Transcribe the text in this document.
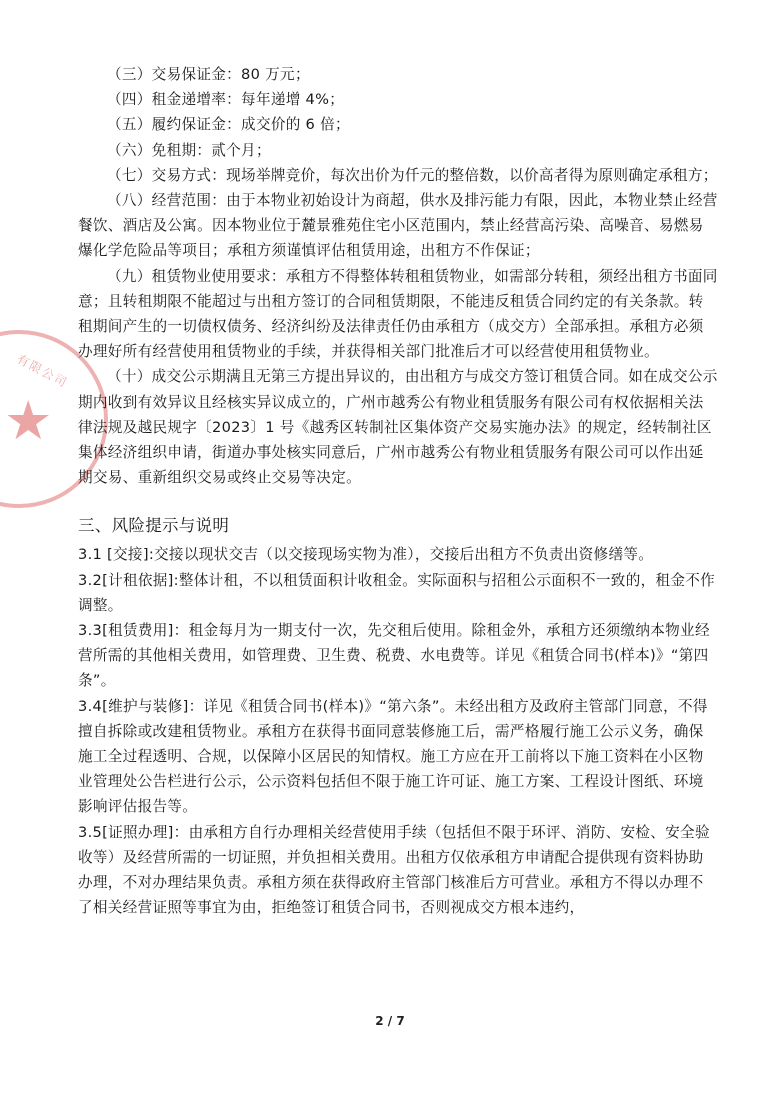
有限公司
★

（三）交易保证金：80 万元；

（四）租金递增率：每年递增 4%；

（五）履约保证金：成交价的 6 倍；

（六）免租期：贰个月；

（七）交易方式：现场举牌竞价，每次出价为仟元的整倍数，以价高者得为原则确定承租方；

（八）经营范围：由于本物业初始设计为商超，供水及排污能力有限，因此，本物业禁止经营餐饮、酒店及公寓。因本物业位于麓景雅苑住宅小区范围内，禁止经营高污染、高噪音、易燃易爆化学危险品等项目；承租方须谨慎评估租赁用途，出租方不作保证；

（九）租赁物业使用要求：承租方不得整体转租租赁物业，如需部分转租，须经出租方书面同意；且转租期限不能超过与出租方签订的合同租赁期限，不能违反租赁合同约定的有关条款。转租期间产生的一切债权债务、经济纠纷及法律责任仍由承租方（成交方）全部承担。承租方必须办理好所有经营使用租赁物业的手续，并获得相关部门批准后才可以经营使用租赁物业。

（十）成交公示期满且无第三方提出异议的，由出租方与成交方签订租赁合同。如在成交公示期内收到有效异议且经核实异议成立的，广州市越秀公有物业租赁服务有限公司有权依据相关法律法规及越民规字〔2023〕1 号《越秀区转制社区集体资产交易实施办法》的规定，经转制社区集体经济组织申请，街道办事处核实同意后，广州市越秀公有物业租赁服务有限公司可以作出延期交易、重新组织交易或终止交易等决定。

三、风险提示与说明

3.1 [交接]:交接以现状交吉（以交接现场实物为准），交接后出租方不负责出资修缮等。

3.2[计租依据]:整体计租，不以租赁面积计收租金。实际面积与招租公示面积不一致的，租金不作调整。

3.3[租赁费用]：租金每月为一期支付一次，先交租后使用。除租金外，承租方还须缴纳本物业经营所需的其他相关费用，如管理费、卫生费、税费、水电费等。详见《租赁合同书(样本)》“第四条”。

3.4[维护与装修]：详见《租赁合同书(样本)》“第六条”。未经出租方及政府主管部门同意，不得擅自拆除或改建租赁物业。承租方在获得书面同意装修施工后，需严格履行施工公示义务，确保施工全过程透明、合规，以保障小区居民的知情权。施工方应在开工前将以下施工资料在小区物业管理处公告栏进行公示，公示资料包括但不限于施工许可证、施工方案、工程设计图纸、环境影响评估报告等。

3.5[证照办理]：由承租方自行办理相关经营使用手续（包括但不限于环评、消防、安检、安全验收等）及经营所需的一切证照，并负担相关费用。出租方仅依承租方申请配合提供现有资料协助办理，不对办理结果负责。承租方须在获得政府主管部门核准后方可营业。承租方不得以办理不了相关经营证照等事宜为由，拒绝签订租赁合同书，否则视成交方根本违约，

2 / 7
